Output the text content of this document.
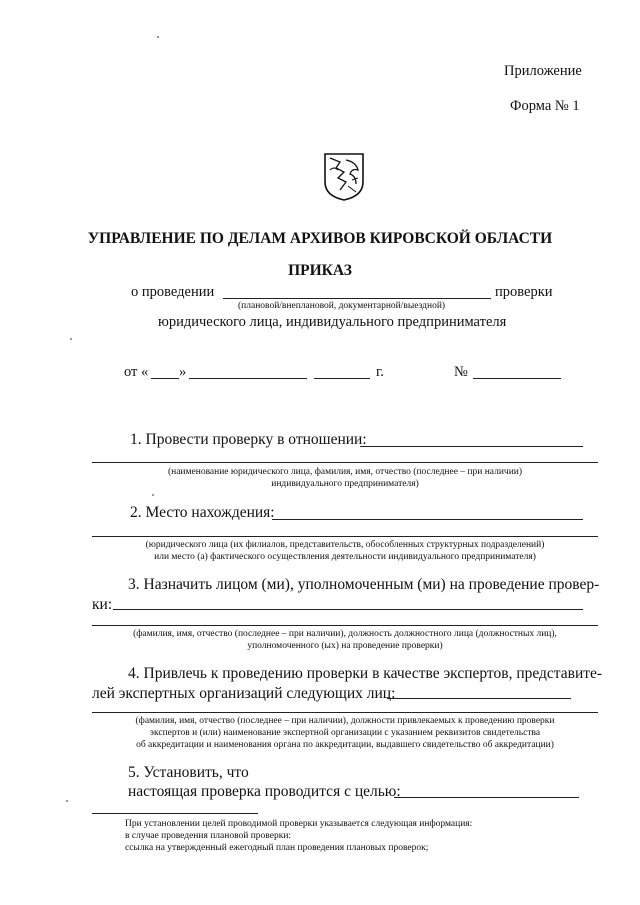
Приложение
Форма № 1
УПРАВЛЕНИЕ ПО ДЕЛАМ АРХИВОВ КИРОВСКОЙ ОБЛАСТИ
ПРИКАЗ
о проведении	проверки
(плановой/внеплановой, документарной/выездной)
юридического лица, индивидуального предпринимателя
от « »	г.	№
1. Провести проверку в отношении:
(наименование юридического лица, фамилия, имя, отчество (последнее – при наличии)
индивидуального предпринимателя)
2. Место нахождения:
(юридического лица (их филиалов, представительств, обособленных структурных подразделений)
или место (а) фактического осуществления деятельности индивидуального предпринимателя)
3. Назначить лицом (ми), уполномоченным (ми) на проведение провер-
ки:
(фамилия, имя, отчество (последнее – при наличии), должность должностного лица (должностных лиц),
уполномоченного (ых) на проведение проверки)
4. Привлечь к проведению проверки в качестве экспертов, представите-
лей экспертных организаций следующих лиц:
(фамилия, имя, отчество (последнее – при наличии), должности привлекаемых к проведению проверки
экспертов и (или) наименование экспертной организации с указанием реквизитов свидетельства
об аккредитации и наименования органа по аккредитации, выдавшего свидетельство об аккредитации)
5. Установить, что
настоящая проверка проводится с целью:
При установлении целей проводимой проверки указывается следующая информация:
в случае проведения плановой проверки:
ссылка на утвержденный ежегодный план проведения плановых проверок;
